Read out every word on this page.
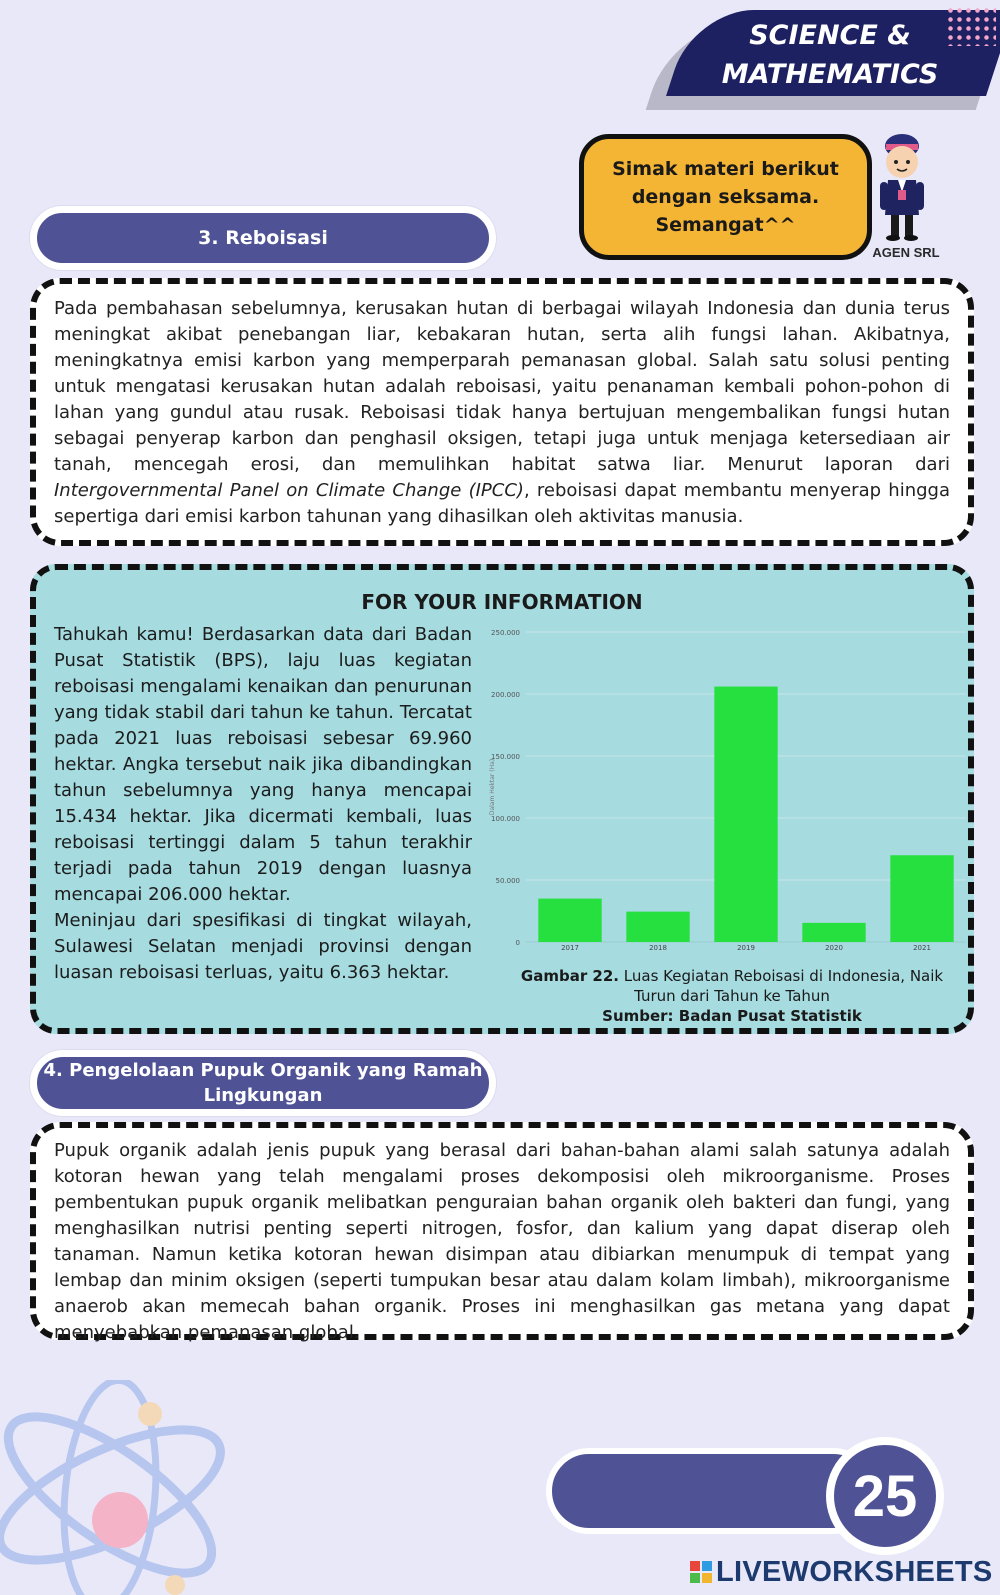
SCIENCE &
MATHEMATICS
Simak materi berikut
dengan seksama.
Semangat^^
AGEN SRL
3. Reboisasi

Pada pembahasan sebelumnya, kerusakan hutan di berbagai wilayah Indonesia dan dunia terus meningkat akibat penebangan liar, kebakaran hutan, serta alih fungsi lahan. Akibatnya, meningkatnya emisi karbon yang memperparah pemanasan global. Salah satu solusi penting untuk mengatasi kerusakan hutan adalah reboisasi, yaitu penanaman kembali pohon-pohon di lahan yang gundul atau rusak. Reboisasi tidak hanya bertujuan mengembalikan fungsi hutan sebagai penyerap karbon dan penghasil oksigen, tetapi juga untuk menjaga ketersediaan air tanah, mencegah erosi, dan memulihkan habitat satwa liar. Menurut laporan dari Intergovernmental Panel on Climate Change (IPCC), reboisasi dapat membantu menyerap hingga sepertiga dari emisi karbon tahunan yang dihasilkan oleh aktivitas manusia.

FOR YOUR INFORMATION

Tahukah kamu! Berdasarkan data dari Badan Pusat Statistik (BPS), laju luas kegiatan reboisasi mengalami kenaikan dan penurunan yang tidak stabil dari tahun ke tahun. Tercatat pada 2021 luas reboisasi sebesar 69.960 hektar. Angka tersebut naik jika dibandingkan tahun sebelumnya yang hanya mencapai 15.434 hektar. Jika dicermati kembali, luas reboisasi tertinggi dalam 5 tahun terakhir terjadi pada tahun 2019 dengan luasnya mencapai 206.000 hektar.

Meninjau dari spesifikasi di tingkat wilayah, Sulawesi Selatan menjadi provinsi dengan luasan reboisasi terluas, yaitu 6.363 hektar.

0
50.000
100.000
150.000
200.000
250.000
Dalam Hektar (Ha)
2017	2018	2019	2020	2021
Gambar 22. Luas Kegiatan Reboisasi di Indonesia, Naik Turun dari Tahun ke Tahun
Sumber: Badan Pusat Statistik
4. Pengelolaan Pupuk Organik yang Ramah
Lingkungan

Pupuk organik adalah jenis pupuk yang berasal dari bahan-bahan alami salah satunya adalah kotoran hewan yang telah mengalami proses dekomposisi oleh mikroorganisme. Proses pembentukan pupuk organik melibatkan penguraian bahan organik oleh bakteri dan fungi, yang menghasilkan nutrisi penting seperti nitrogen, fosfor, dan kalium yang dapat diserap oleh tanaman. Namun ketika kotoran hewan disimpan atau dibiarkan menumpuk di tempat yang lembap dan minim oksigen (seperti tumpukan besar atau dalam kolam limbah), mikroorganisme anaerob akan memecah bahan organik. Proses ini menghasilkan gas metana yang dapat menyebabkan pemanasan global.

25
LIVEWORKSHEETS
